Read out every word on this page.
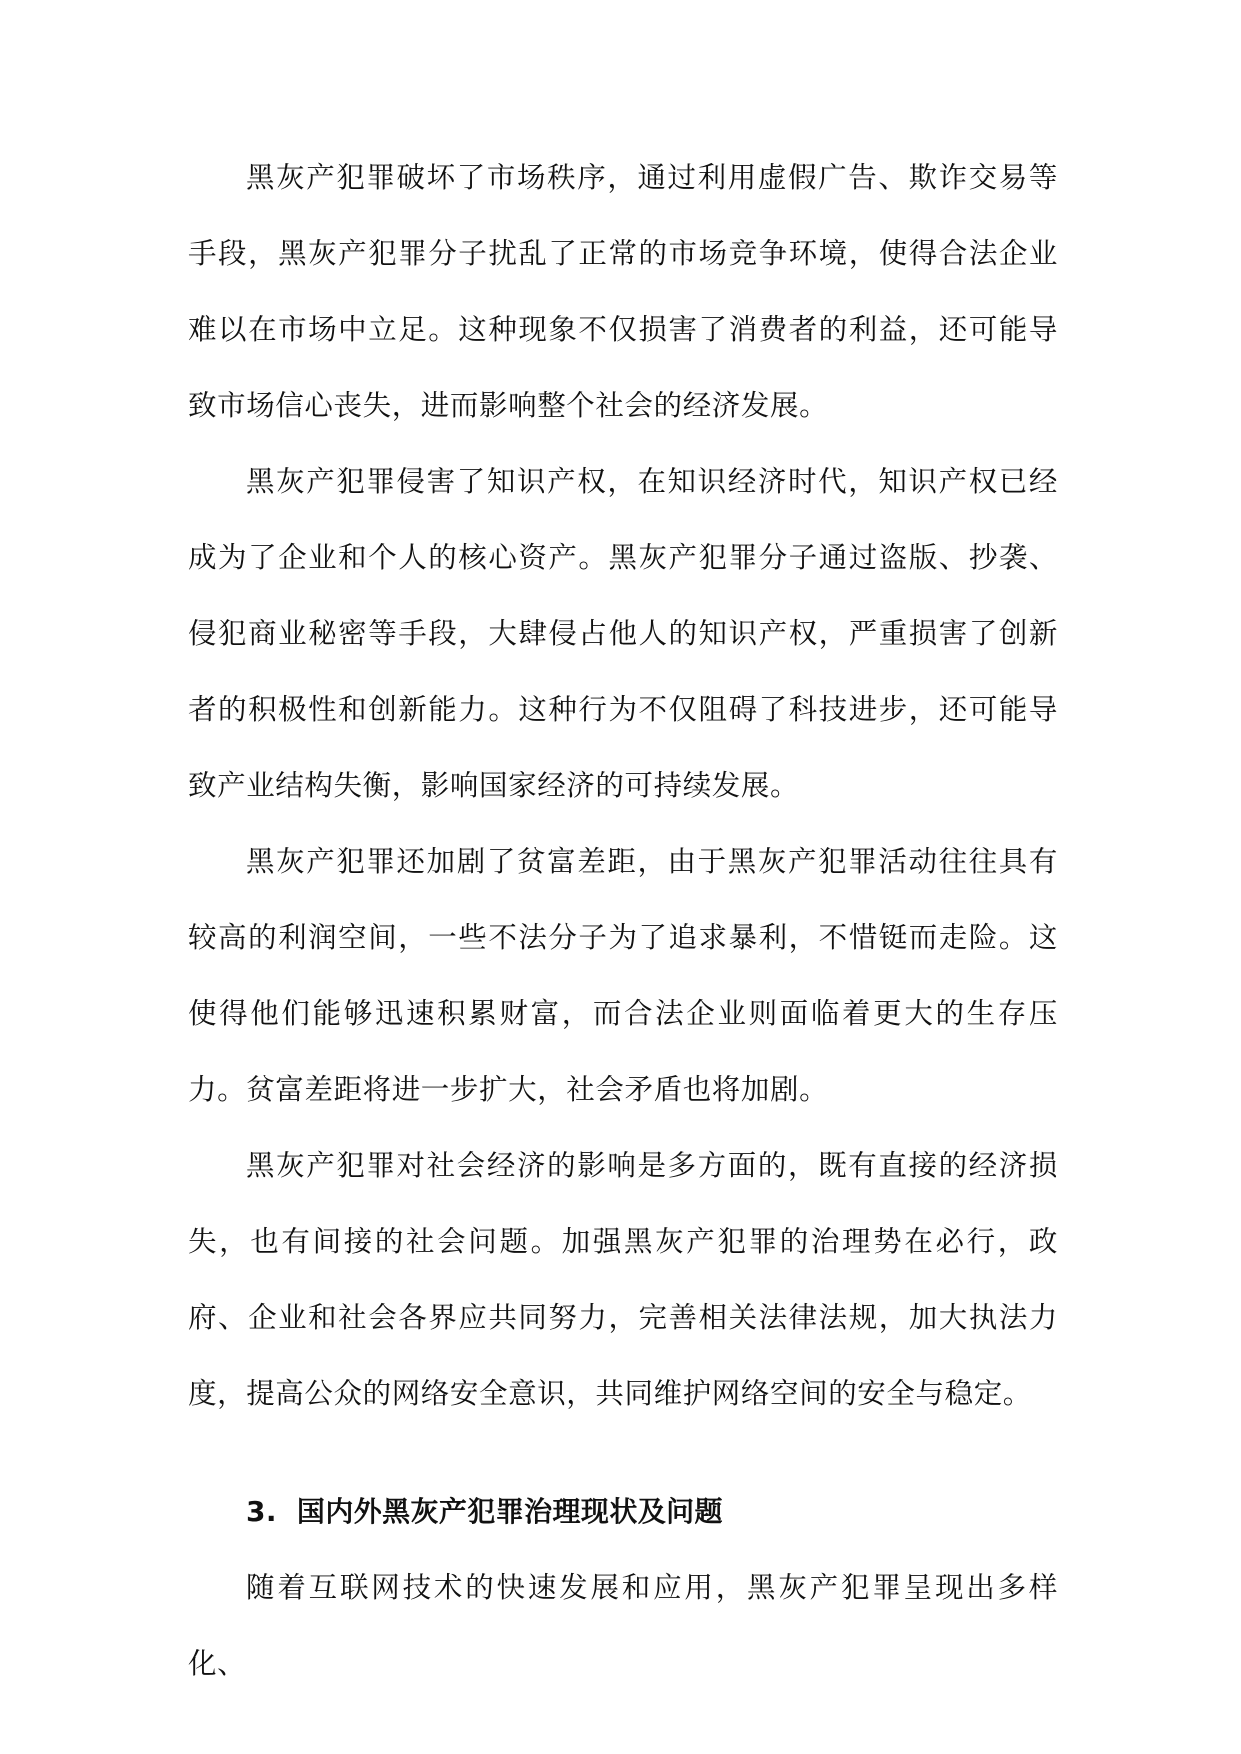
黑灰产犯罪破坏了市场秩序，通过利用虚假广告、欺诈交易等手段，黑灰产犯罪分子扰乱了正常的市场竞争环境，使得合法企业难以在市场中立足。这种现象不仅损害了消费者的利益，还可能导致市场信心丧失，进而影响整个社会的经济发展。

黑灰产犯罪侵害了知识产权，在知识经济时代，知识产权已经成为了企业和个人的核心资产。黑灰产犯罪分子通过盗版、抄袭、侵犯商业秘密等手段，大肆侵占他人的知识产权，严重损害了创新者的积极性和创新能力。这种行为不仅阻碍了科技进步，还可能导致产业结构失衡，影响国家经济的可持续发展。

黑灰产犯罪还加剧了贫富差距，由于黑灰产犯罪活动往往具有较高的利润空间，一些不法分子为了追求暴利，不惜铤而走险。这使得他们能够迅速积累财富，而合法企业则面临着更大的生存压力。贫富差距将进一步扩大，社会矛盾也将加剧。

黑灰产犯罪对社会经济的影响是多方面的，既有直接的经济损失，也有间接的社会问题。加强黑灰产犯罪的治理势在必行，政府、企业和社会各界应共同努力，完善相关法律法规，加大执法力度，提高公众的网络安全意识，共同维护网络空间的安全与稳定。

3. 国内外黑灰产犯罪治理现状及问题

随着互联网技术的快速发展和应用，黑灰产犯罪呈现出多样化、
